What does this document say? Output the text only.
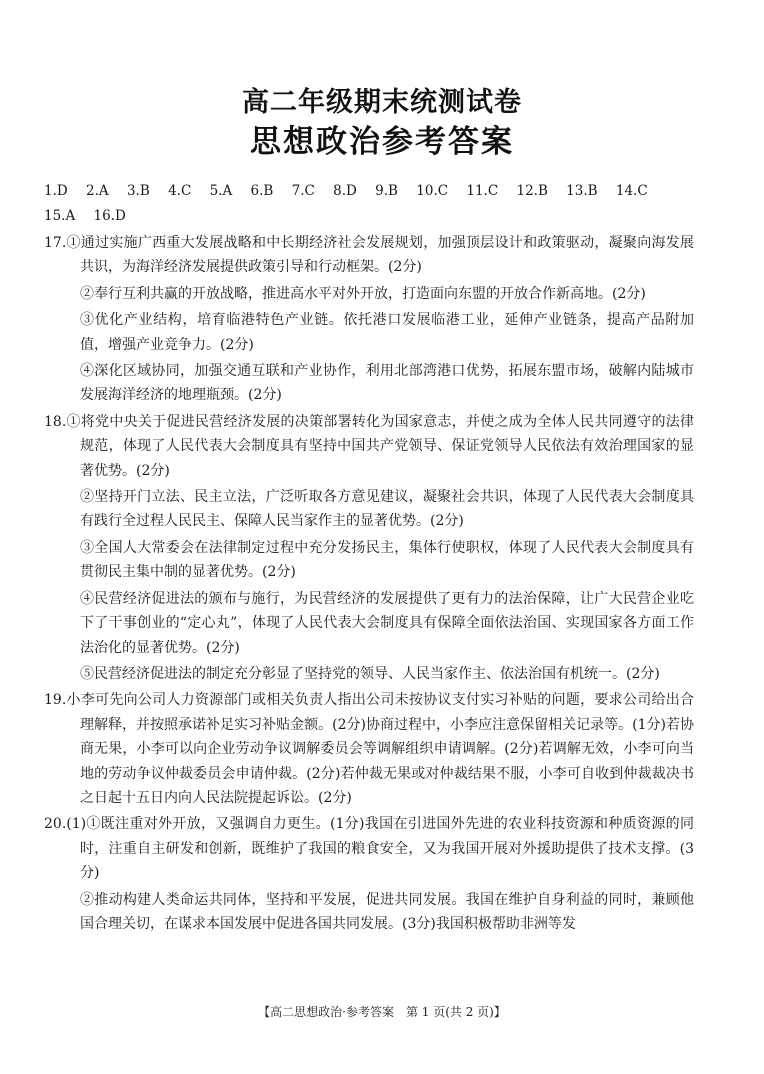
高二年级期末统测试卷
思想政治参考答案
1.D 2.A 3.B 4.C 5.A 6.B 7.C 8.D 9.B 10.C 11.C 12.B 13.B 14.C
15.A 16.D

17.①通过实施广西重大发展战略和中长期经济社会发展规划，加强顶层设计和政策驱动，凝聚向海发展共识，为海洋经济发展提供政策引导和行动框架。(2分)

②奉行互利共赢的开放战略，推进高水平对外开放，打造面向东盟的开放合作新高地。(2分)

③优化产业结构，培育临港特色产业链。依托港口发展临港工业，延伸产业链条，提高产品附加值，增强产业竞争力。(2分)

④深化区域协同，加强交通互联和产业协作，利用北部湾港口优势，拓展东盟市场，破解内陆城市发展海洋经济的地理瓶颈。(2分)

18.①将党中央关于促进民营经济发展的决策部署转化为国家意志，并使之成为全体人民共同遵守的法律规范，体现了人民代表大会制度具有坚持中国共产党领导、保证党领导人民依法有效治理国家的显著优势。(2分)

②坚持开门立法、民主立法，广泛听取各方意见建议，凝聚社会共识，体现了人民代表大会制度具有践行全过程人民民主、保障人民当家作主的显著优势。(2分)

③全国人大常委会在法律制定过程中充分发扬民主，集体行使职权，体现了人民代表大会制度具有贯彻民主集中制的显著优势。(2分)

④民营经济促进法的颁布与施行，为民营经济的发展提供了更有力的法治保障，让广大民营企业吃下了干事创业的“定心丸”，体现了人民代表大会制度具有保障全面依法治国、实现国家各方面工作法治化的显著优势。(2分)

⑤民营经济促进法的制定充分彰显了坚持党的领导、人民当家作主、依法治国有机统一。(2分)

19.小李可先向公司人力资源部门或相关负责人指出公司未按协议支付实习补贴的问题，要求公司给出合理解释，并按照承诺补足实习补贴金额。(2分)协商过程中，小李应注意保留相关记录等。(1分)若协商无果，小李可以向企业劳动争议调解委员会等调解组织申请调解。(2分)若调解无效，小李可向当地的劳动争议仲裁委员会申请仲裁。(2分)若仲裁无果或对仲裁结果不服，小李可自收到仲裁裁决书之日起十五日内向人民法院提起诉讼。(2分)

20.(1)①既注重对外开放，又强调自力更生。(1分)我国在引进国外先进的农业科技资源和种质资源的同时，注重自主研发和创新，既维护了我国的粮食安全，又为我国开展对外援助提供了技术支撑。(3分)

②推动构建人类命运共同体，坚持和平发展，促进共同发展。我国在维护自身利益的同时，兼顾他国合理关切，在谋求本国发展中促进各国共同发展。(3分)我国积极帮助非洲等发

【高二思想政治·参考答案　第 1 页(共 2 页)】
